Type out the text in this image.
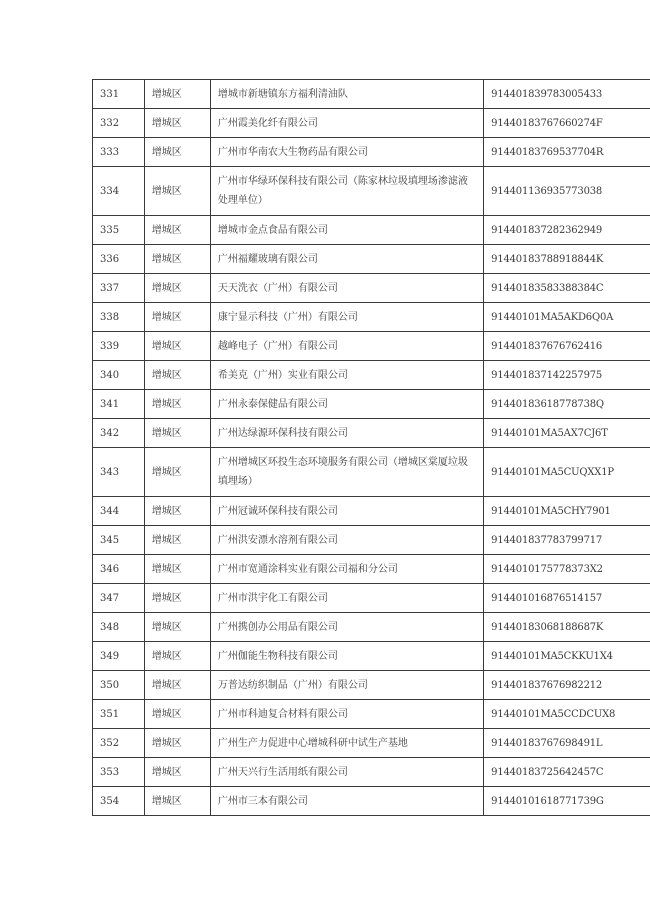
331	增城区	增城市新塘镇东方福利清油队	914401839783005433
332	增城区	广州霞美化纤有限公司	91440183767660274F
333	增城区	广州市华南农大生物药品有限公司	91440183769537704R
334	增城区	广州市华绿环保科技有限公司（陈家林垃圾填埋场渗滤液处理单位）	914401136935773038
335	增城区	增城市金点食品有限公司	914401837282362949
336	增城区	广州福耀玻璃有限公司	91440183788918844K
337	增城区	天天洗衣（广州）有限公司	91440183583388384C
338	增城区	康宁显示科技（广州）有限公司	91440101MA5AKD6Q0A
339	增城区	越峰电子（广州）有限公司	914401837676762416
340	增城区	希美克（广州）实业有限公司	914401837142257975
341	增城区	广州永泰保健品有限公司	91440183618778738Q
342	增城区	广州达绿源环保科技有限公司	91440101MA5AX7CJ6T
343	增城区	广州增城区环投生态环境服务有限公司（增城区棠厦垃圾填埋场）	91440101MA5CUQXX1P
344	增城区	广州冠诚环保科技有限公司	91440101MA5CHY7901
345	增城区	广州洪安漂水溶剂有限公司	914401837783799717
346	增城区	广州市宽通涂料实业有限公司福和分公司	9144010175778373X2
347	增城区	广州市洪宇化工有限公司	914401016876514157
348	增城区	广州携创办公用品有限公司	91440183068188687K
349	增城区	广州伽能生物科技有限公司	91440101MA5CKKU1X4
350	增城区	万普达纺织制品（广州）有限公司	914401837676982212
351	增城区	广州市科迪复合材料有限公司	91440101MA5CCDCUX8
352	增城区	广州生产力促进中心增城科研中试生产基地	91440183767698491L
353	增城区	广州天兴行生活用纸有限公司	91440183725642457C
354	增城区	广州市三本有限公司	91440101618771739G
